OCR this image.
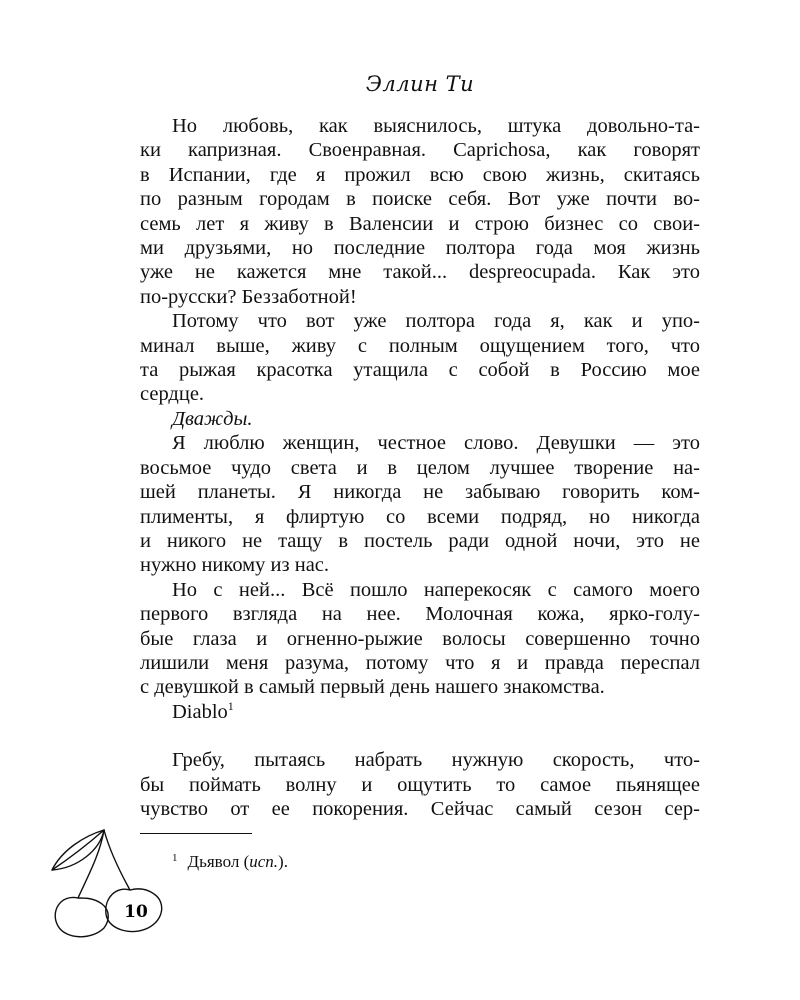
Эллин Ти

Но любовь, как выяснилось, штука довольно-та-
ки капризная. Своенравная. Caprichosa, как говорят
в Испании, где я прожил всю свою жизнь, скитаясь
по разным городам в поиске себя. Вот уже почти во-
семь лет я живу в Валенсии и строю бизнес со свои-
ми друзьями, но последние полтора года моя жизнь
уже не кажется мне такой... despreocupada. Как это
по-русски? Беззаботной!

Потому что вот уже полтора года я, как и упо-
минал выше, живу с полным ощущением того, что
та рыжая красотка утащила с собой в Россию мое
сердце.

Дважды.

Я люблю женщин, честное слово. Девушки — это
восьмое чудо света и в целом лучшее творение на-
шей планеты. Я никогда не забываю говорить ком-
плименты, я флиртую со всеми подряд, но никогда
и никого не тащу в постель ради одной ночи, это не
нужно никому из нас.

Но с ней... Всё пошло наперекосяк с самого моего
первого взгляда на нее. Молочная кожа, ярко-голу-
бые глаза и огненно-рыжие волосы совершенно точно
лишили меня разума, потому что я и правда переспал
с девушкой в самый первый день нашего знакомства.

Diablo$^1$

Гребу, пытаясь набрать нужную скорость, что-
бы поймать волну и ощутить то самое пьянящее
чувство от ее покорения. Сейчас самый сезон сер-

$^1$ Дьявол (исп.).
10
